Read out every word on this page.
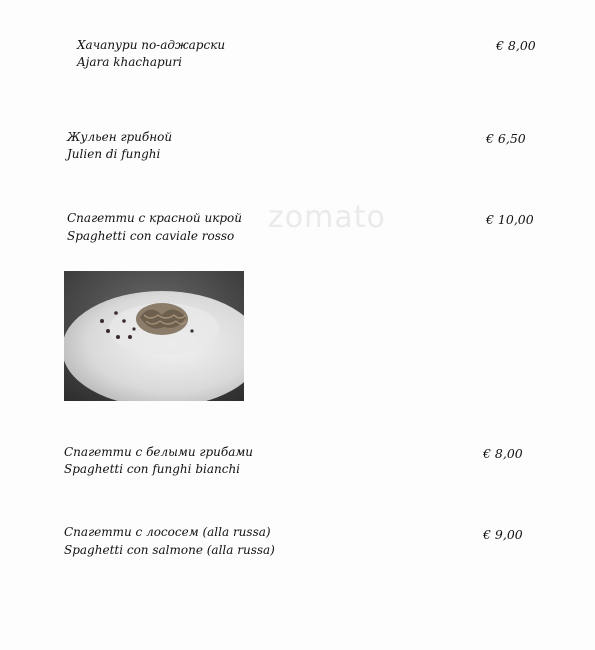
zomato
Хачапури по-аджарски
Ajara khachapuri
€ 8,00
Жульен грибной
Julien di funghi
€ 6,50
Спагетти с красной икрой
Spaghetti con caviale rosso
€ 10,00
Спагетти с белыми грибами
Spaghetti con funghi bianchi
€ 8,00
Спагетти с лососем (alla russa)
Spaghetti con salmone (alla russa)
€ 9,00
